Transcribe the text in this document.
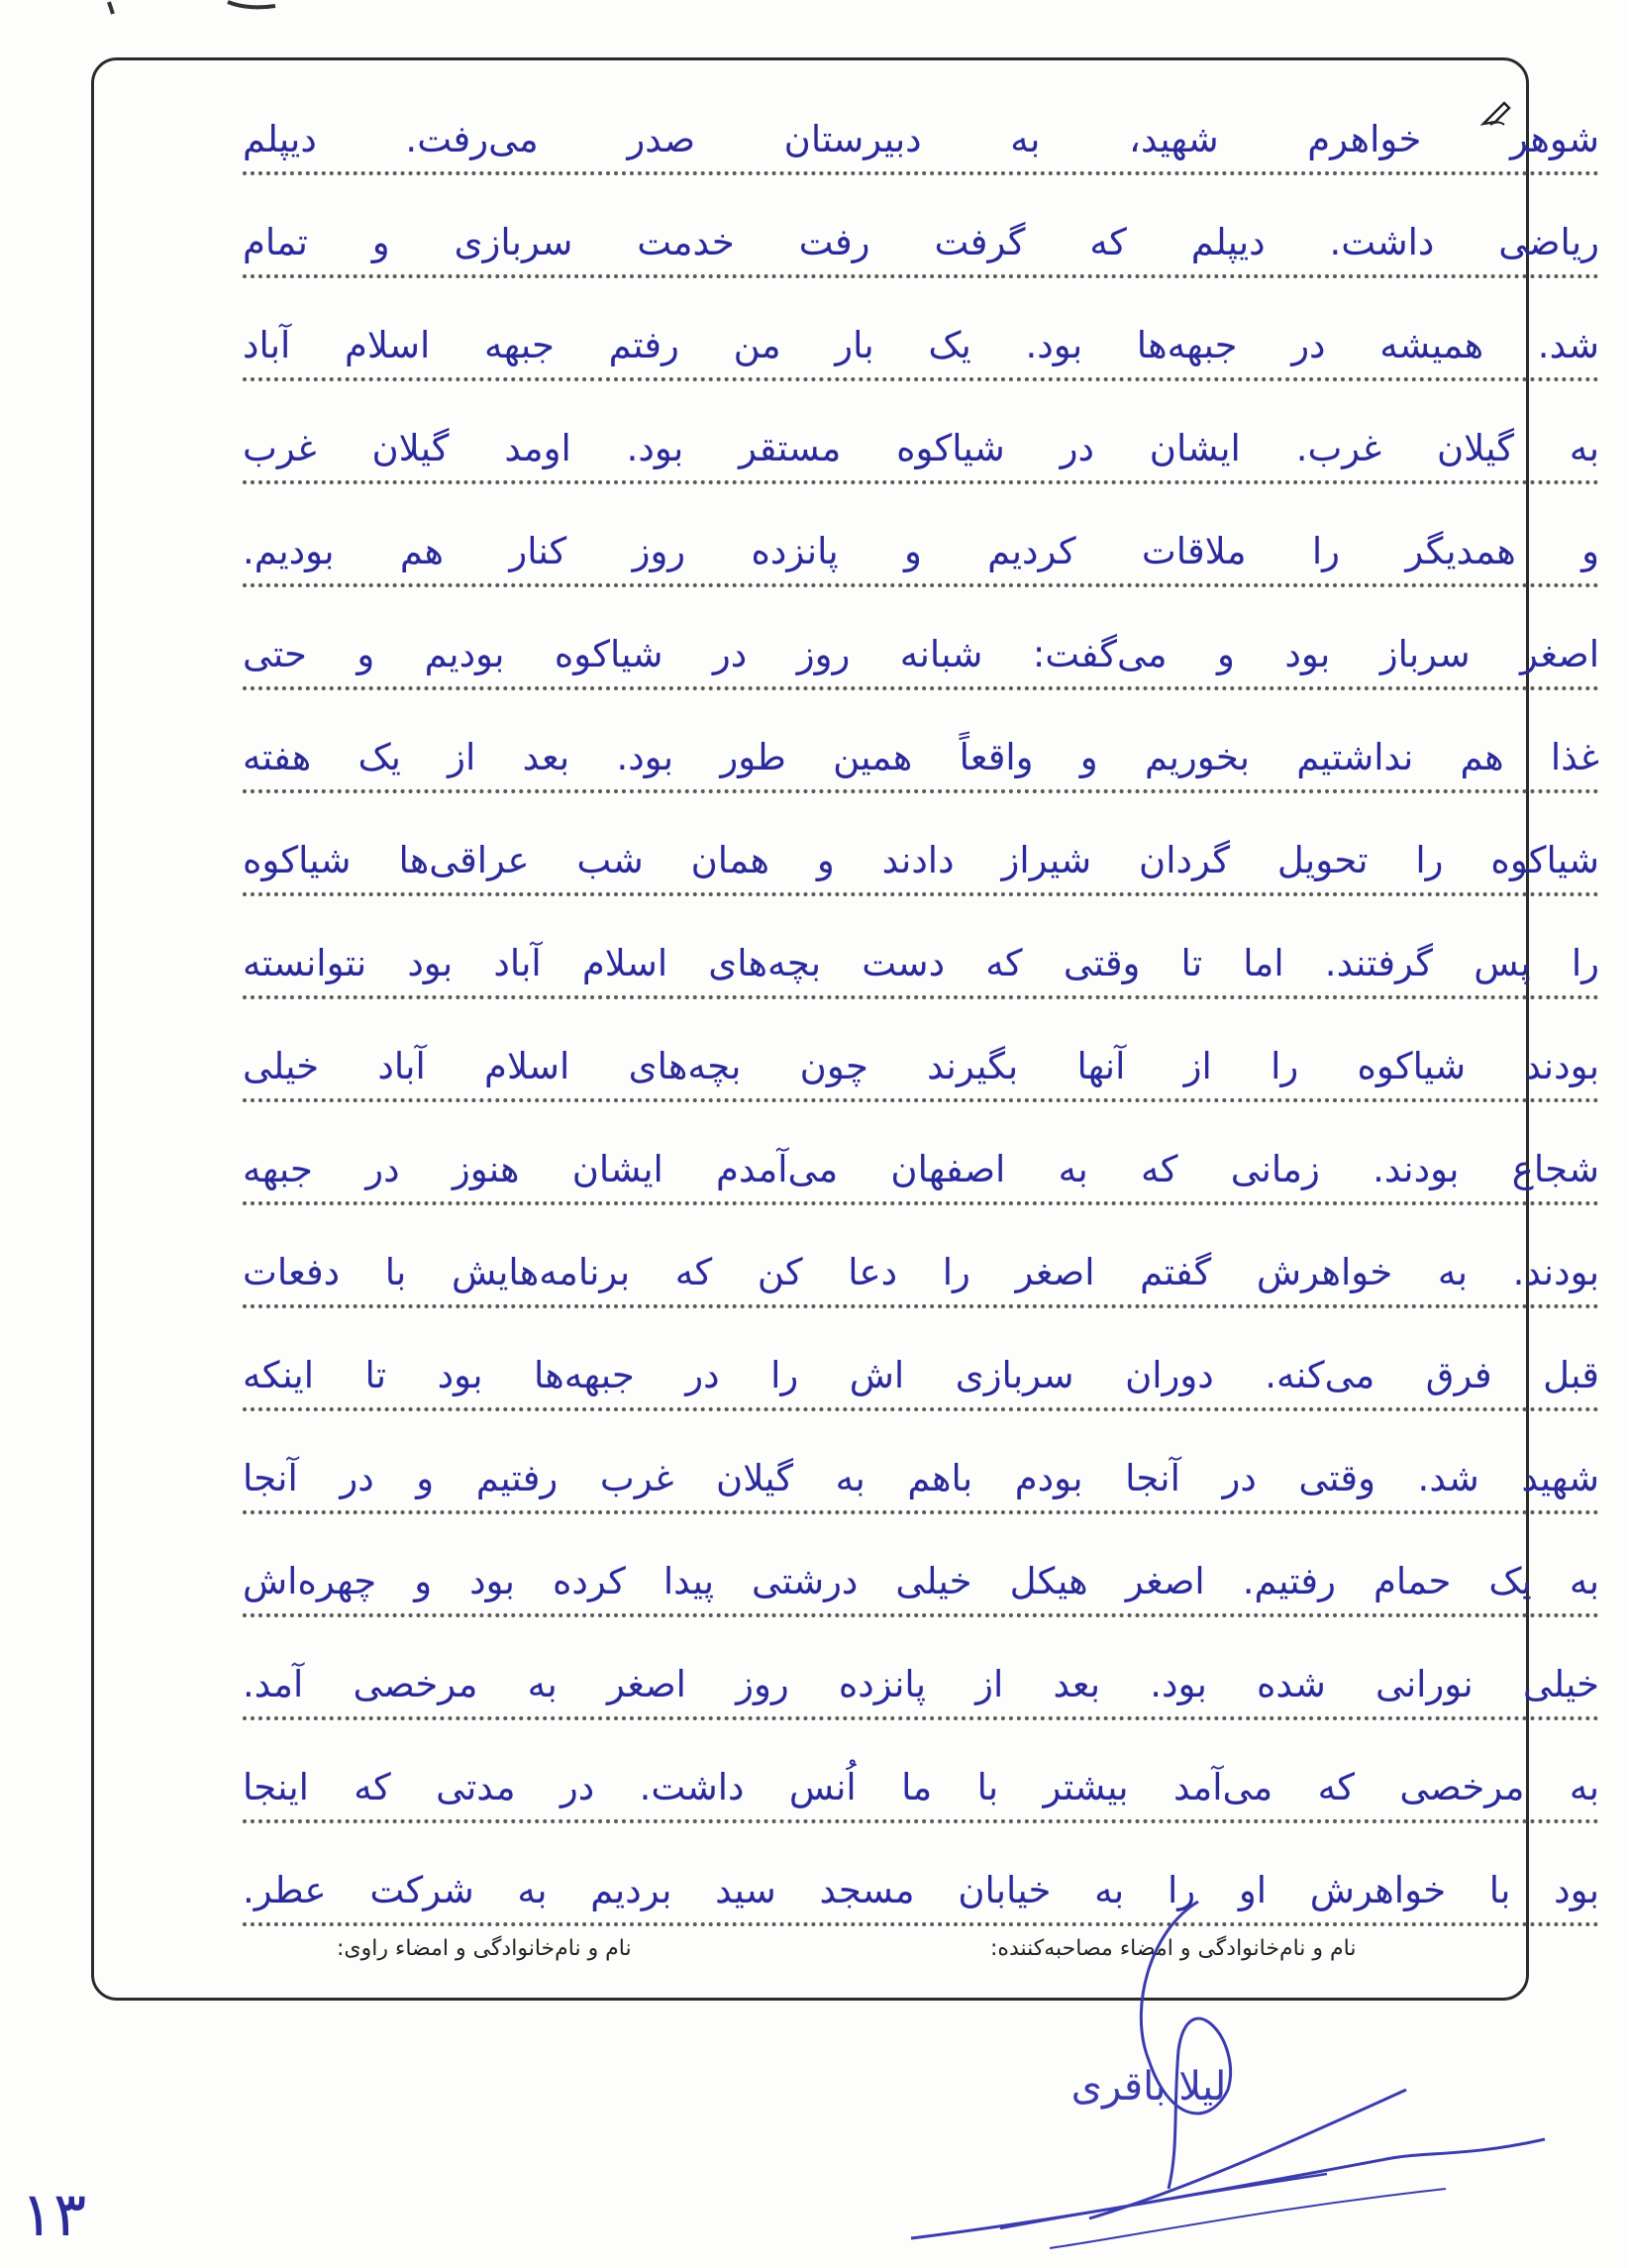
شوهر خواهرم شهید، به دبیرستان صدر می‌رفت. دیپلم
ریاضی داشت. دیپلم که گرفت رفت خدمت سربازی و تمام
شد. همیشه در جبهه‌ها بود. یک بار من رفتم جبهه اسلام آباد
به گیلان غرب. ایشان در شیاکوه مستقر بود. اومد گیلان غرب
و همدیگر را ملاقات کردیم و پانزده روز کنار هم بودیم.
اصغر سرباز بود و می‌گفت: شبانه روز در شیاکوه بودیم و حتی
غذا هم نداشتیم بخوریم و واقعاً همین طور بود. بعد از یک هفته
شیاکوه را تحویل گردان شیراز دادند و همان شب عراقی‌ها شیاکوه
را پس گرفتند. اما تا وقتی که دست بچه‌های اسلام آباد بود نتوانسته
بودند شیاکوه را از آنها بگیرند چون بچه‌های اسلام آباد خیلی
شجاع بودند. زمانی که به اصفهان می‌آمدم ایشان هنوز در جبهه
بودند. به خواهرش گفتم اصغر را دعا کن که برنامه‌هایش با دفعات
قبل فرق می‌کنه. دوران سربازی اش را در جبهه‌ها بود تا اینکه
شهید شد. وقتی در آنجا بودم باهم به گیلان غرب رفتیم و در آنجا
به یک حمام رفتیم. اصغر هیکل خیلی درشتی پیدا کرده بود و چهره‌اش
خیلی نورانی شده بود. بعد از پانزده روز اصغر به مرخصی آمد.
به مرخصی که می‌آمد بیشتر با ما اُنس داشت. در مدتی که اینجا
بود با خواهرش او را به خیابان مسجد سید بردیم به شرکت عطر.
نام و نام‌خانوادگی و امضاء مصاحبه‌کننده:
نام و نام‌خانوادگی و امضاء راوی:
لیلا باقری
۱۳
